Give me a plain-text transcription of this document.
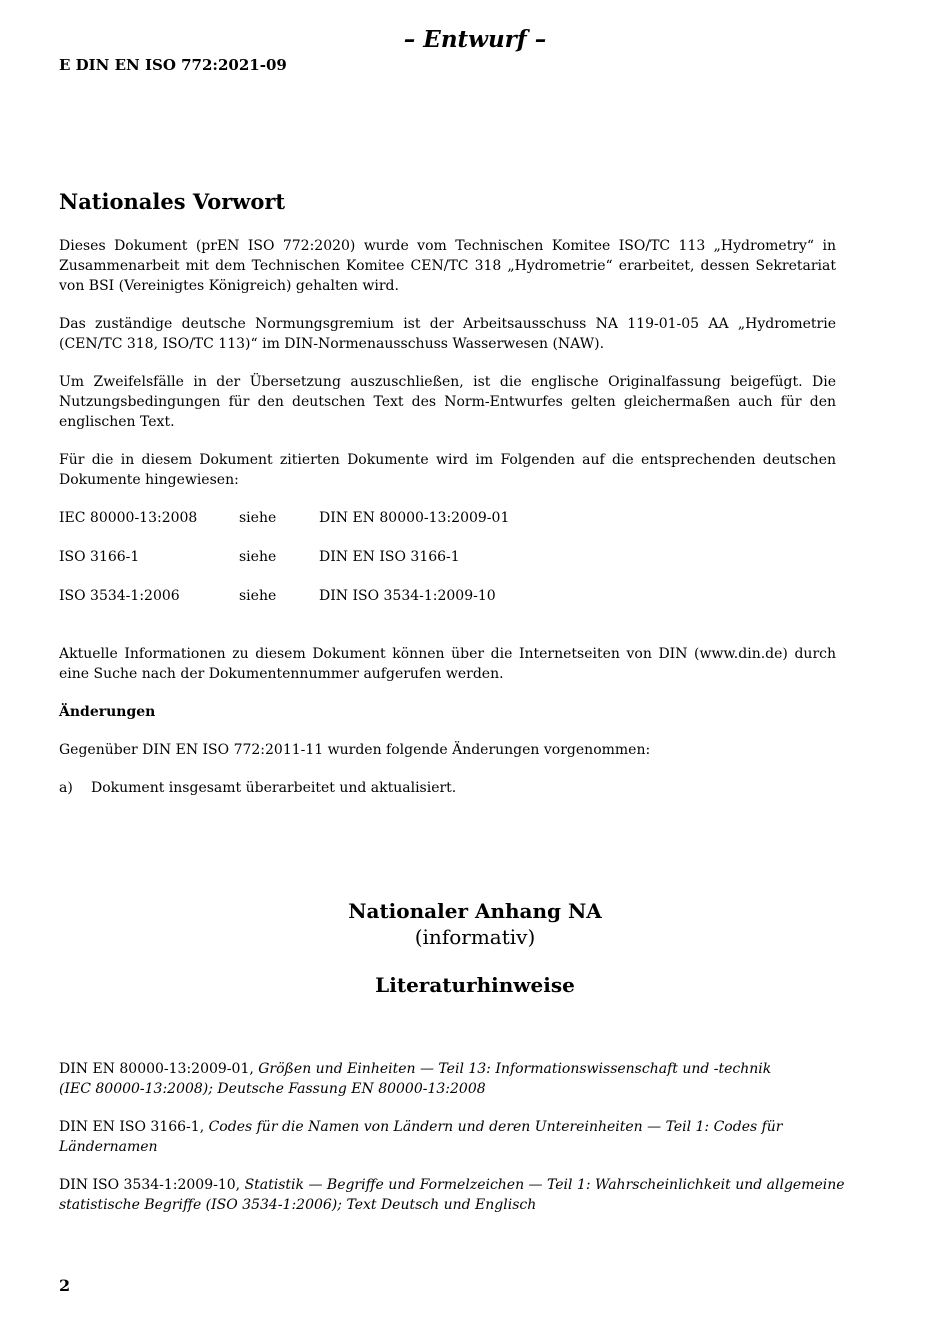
– Entwurf –
E DIN EN ISO 772:2021-09
Nationales Vorwort

Dieses Dokument (prEN ISO 772:2020) wurde vom Technischen Komitee ISO/TC 113 „Hydrometry“ in Zusammenarbeit mit dem Technischen Komitee CEN/TC 318 „Hydrometrie“ erarbeitet, dessen Sekretariat von BSI (Vereinigtes Königreich) gehalten wird.

Das zuständige deutsche Normungsgremium ist der Arbeitsausschuss NA 119-01-05 AA „Hydrometrie (CEN/TC 318, ISO/TC 113)“ im DIN-Normenausschuss Wasserwesen (NAW).

Um Zweifelsfälle in der Übersetzung auszuschließen, ist die englische Originalfassung beigefügt. Die Nutzungsbedingungen für den deutschen Text des Norm-Entwurfes gelten gleichermaßen auch für den englischen Text.

Für die in diesem Dokument zitierten Dokumente wird im Folgenden auf die entsprechenden deutschen Dokumente hingewiesen:

IEC 80000-13:2008	siehe	DIN EN 80000-13:2009-01
ISO 3166-1	siehe	DIN EN ISO 3166-1
ISO 3534-1:2006	siehe	DIN ISO 3534-1:2009-10

Aktuelle Informationen zu diesem Dokument können über die Internetseiten von DIN (www.din.de) durch eine Suche nach der Dokumentennummer aufgerufen werden.

Änderungen

Gegenüber DIN EN ISO 772:2011-11 wurden folgende Änderungen vorgenommen:

a)	Dokument insgesamt überarbeitet und aktualisiert.
Nationaler Anhang NA
(informativ)
Literaturhinweise

DIN EN 80000-13:2009-01, Größen und Einheiten — Teil 13: Informationswissenschaft und -technik
(IEC 80000-13:2008); Deutsche Fassung EN 80000-13:2008

DIN EN ISO 3166-1, Codes für die Namen von Ländern und deren Untereinheiten — Teil 1: Codes für
Ländernamen

DIN ISO 3534-1:2009-10, Statistik — Begriffe und Formelzeichen — Teil 1: Wahrscheinlichkeit und allgemeine
statistische Begriffe (ISO 3534-1:2006); Text Deutsch und Englisch

2
